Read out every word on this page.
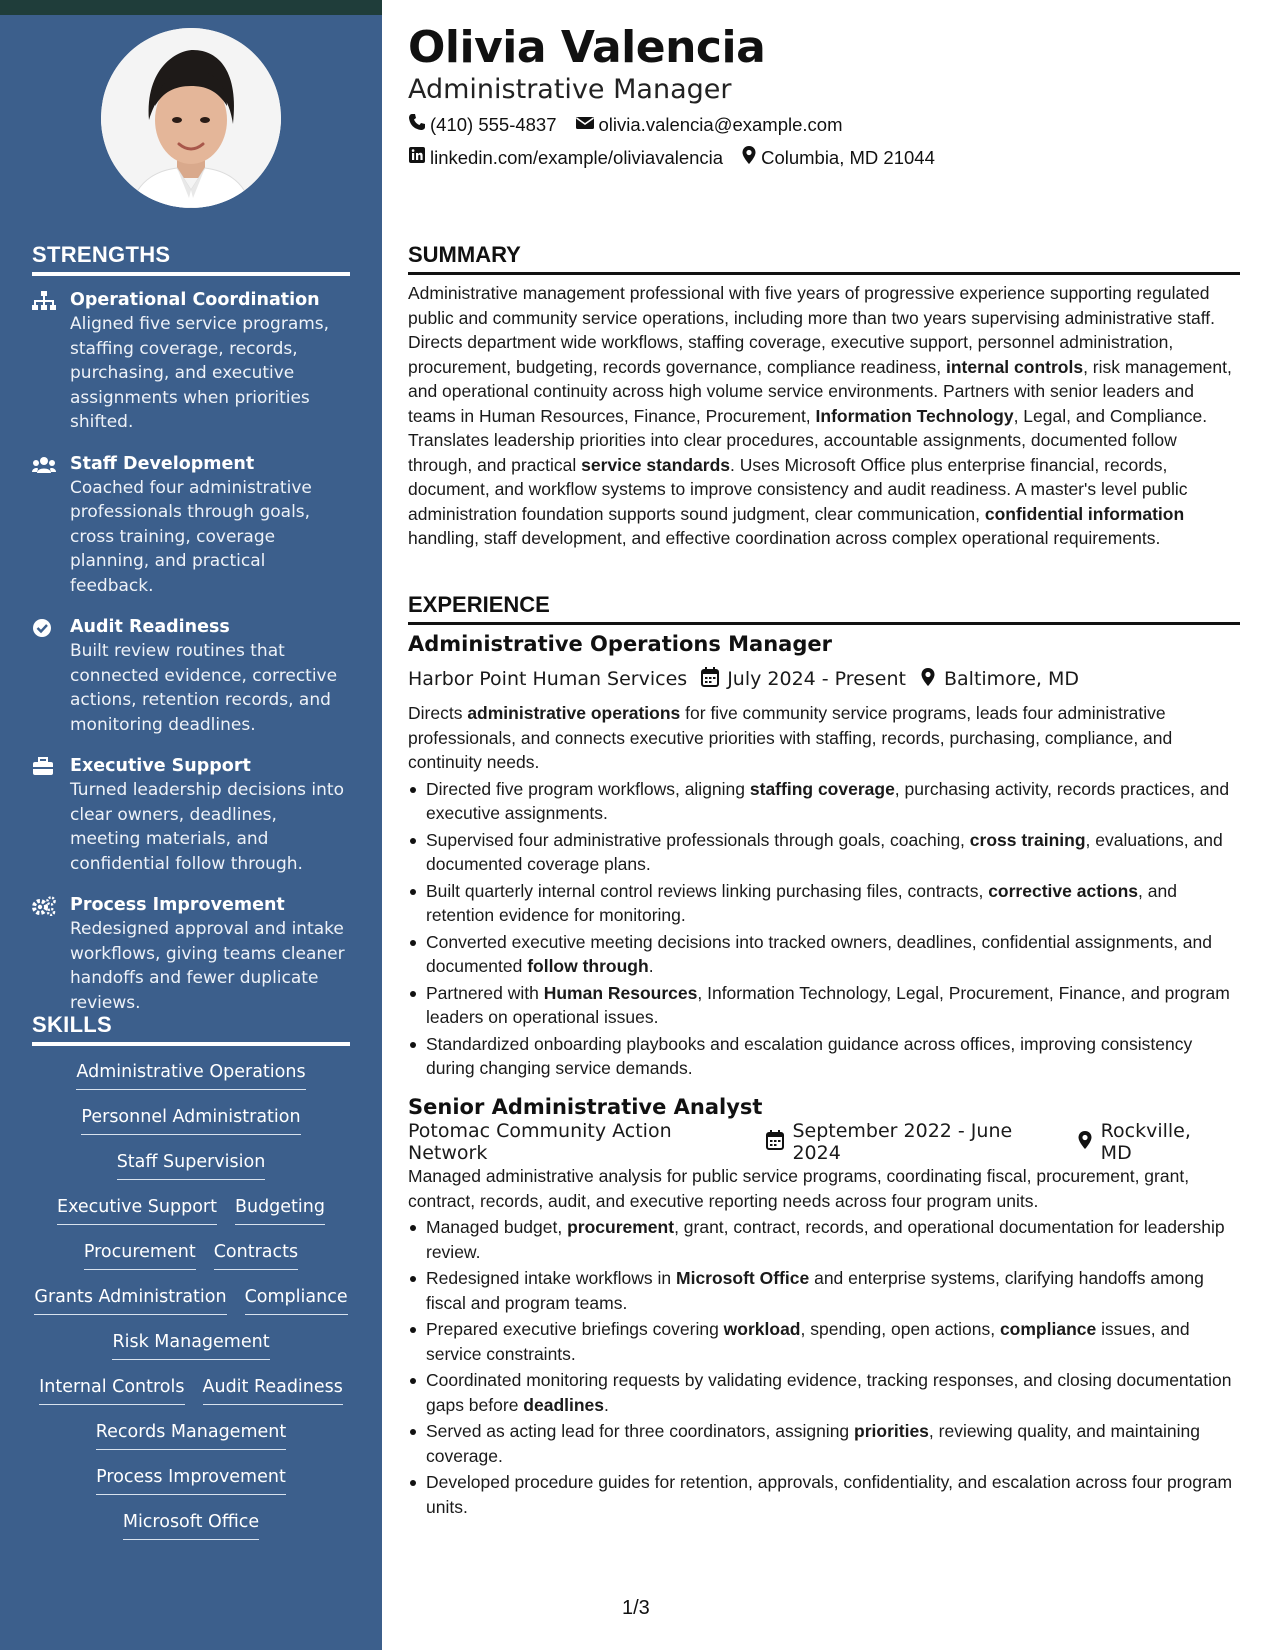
STRENGTHS
Operational Coordination
Aligned five service programs, staffing coverage, records, purchasing, and executive assignments when priorities shifted.
Staff Development
Coached four administrative professionals through goals, cross training, coverage planning, and practical feedback.
Audit Readiness
Built review routines that connected evidence, corrective actions, retention records, and monitoring deadlines.
Executive Support
Turned leadership decisions into clear owners, deadlines, meeting materials, and confidential follow through.
Process Improvement
Redesigned approval and intake workflows, giving teams cleaner handoffs and fewer duplicate reviews.
SKILLS
Administrative Operations
Personnel Administration
Staff Supervision
Executive Support Budgeting
Procurement Contracts
Grants Administration Compliance
Risk Management
Internal Controls Audit Readiness
Records Management
Process Improvement
Microsoft Office
Olivia Valencia
Administrative Manager
(410) 555-4837 olivia.valencia@example.com
linkedin.com/example/oliviavalencia Columbia, MD 21044
SUMMARY

Administrative management professional with five years of progressive experience supporting regulated public and community service operations, including more than two years supervising administrative staff. Directs department wide workflows, staffing coverage, executive support, personnel administration, procurement, budgeting, records governance, compliance readiness, internal controls, risk management, and operational continuity across high volume service environments. Partners with senior leaders and teams in Human Resources, Finance, Procurement, Information Technology, Legal, and Compliance. Translates leadership priorities into clear procedures, accountable assignments, documented follow through, and practical service standards. Uses Microsoft Office plus enterprise financial, records, document, and workflow systems to improve consistency and audit readiness. A master's level public administration foundation supports sound judgment, clear communication, confidential information handling, staff development, and effective coordination across complex operational requirements.

EXPERIENCE
Administrative Operations Manager
Harbor Point Human Services July 2024 - Present Baltimore, MD

Directs administrative operations for five community service programs, leads four administrative professionals, and connects executive priorities with staffing, records, purchasing, compliance, and continuity needs.

Directed five program workflows, aligning staffing coverage, purchasing activity, records practices, and executive assignments.
Supervised four administrative professionals through goals, coaching, cross training, evaluations, and documented coverage plans.
Built quarterly internal control reviews linking purchasing files, contracts, corrective actions, and retention evidence for monitoring.
Converted executive meeting decisions into tracked owners, deadlines, confidential assignments, and documented follow through.
Partnered with Human Resources, Information Technology, Legal, Procurement, Finance, and program leaders on operational issues.
Standardized onboarding playbooks and escalation guidance across offices, improving consistency during changing service demands.
Senior Administrative Analyst
Potomac Community Action Network
September 2022 - June 2024
Rockville, MD

Managed administrative analysis for public service programs, coordinating fiscal, procurement, grant, contract, records, audit, and executive reporting needs across four program units.

Managed budget, procurement, grant, contract, records, and operational documentation for leadership review.
Redesigned intake workflows in Microsoft Office and enterprise systems, clarifying handoffs among fiscal and program teams.
Prepared executive briefings covering workload, spending, open actions, compliance issues, and service constraints.
Coordinated monitoring requests by validating evidence, tracking responses, and closing documentation gaps before deadlines.
Served as acting lead for three coordinators, assigning priorities, reviewing quality, and maintaining coverage.
Developed procedure guides for retention, approvals, confidentiality, and escalation across four program units.
1/3
